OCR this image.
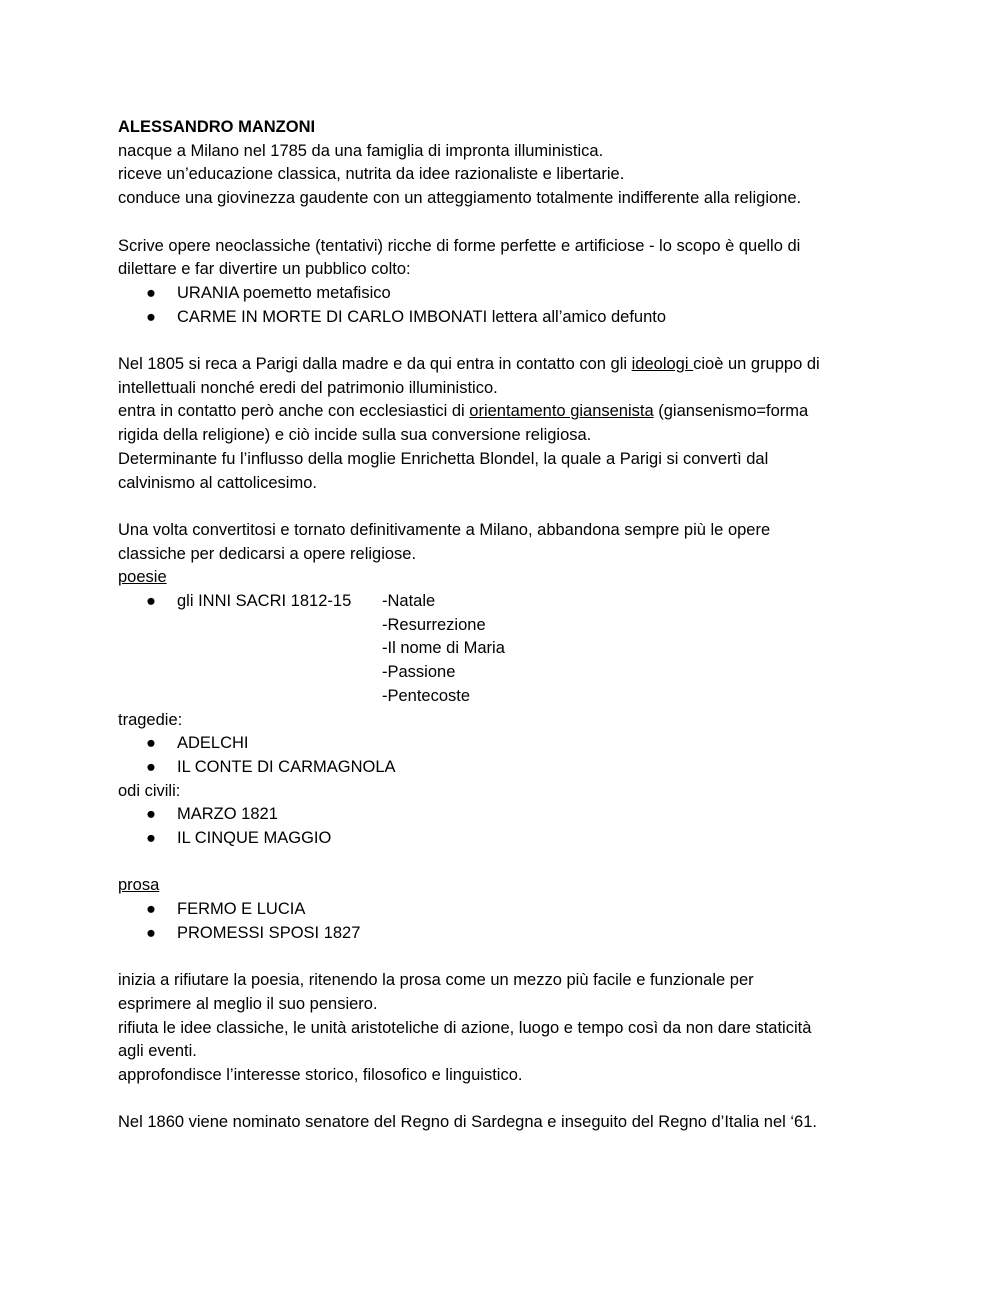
ALESSANDRO MANZONI
nacque a Milano nel 1785 da una famiglia di impronta illuministica.
riceve un’educazione classica, nutrita da idee razionaliste e libertarie.
conduce una giovinezza gaudente con un atteggiamento totalmente indifferente alla religione.
Scrive opere neoclassiche (tentativi) ricche di forme perfette e artificiose - lo scopo è quello di
dilettare e far divertire un pubblico colto:
● URANIA poemetto metafisico
● CARME IN MORTE DI CARLO IMBONATI lettera all’amico defunto
Nel 1805 si reca a Parigi dalla madre e da qui entra in contatto con gli ideologi cioè un gruppo di
intellettuali nonché eredi del patrimonio illuministico.
entra in contatto però anche con ecclesiastici di orientamento giansenista (giansenismo=forma
rigida della religione) e ciò incide sulla sua conversione religiosa.
Determinante fu l’influsso della moglie Enrichetta Blondel, la quale a Parigi si convertì dal
calvinismo al cattolicesimo.
Una volta convertitosi e tornato definitivamente a Milano, abbandona sempre più le opere
classiche per dedicarsi a opere religiose.
poesie
● gli INNI SACRI 1812-15 -Natale
-Resurrezione
-Il nome di Maria
-Passione
-Pentecoste
tragedie:
● ADELCHI
● IL CONTE DI CARMAGNOLA
odi civili:
● MARZO 1821
● IL CINQUE MAGGIO
prosa
● FERMO E LUCIA
● PROMESSI SPOSI 1827
inizia a rifiutare la poesia, ritenendo la prosa come un mezzo più facile e funzionale per
esprimere al meglio il suo pensiero.
rifiuta le idee classiche, le unità aristoteliche di azione, luogo e tempo così da non dare staticità
agli eventi.
approfondisce l’interesse storico, filosofico e linguistico.
Nel 1860 viene nominato senatore del Regno di Sardegna e inseguito del Regno d’Italia nel ‘61.
